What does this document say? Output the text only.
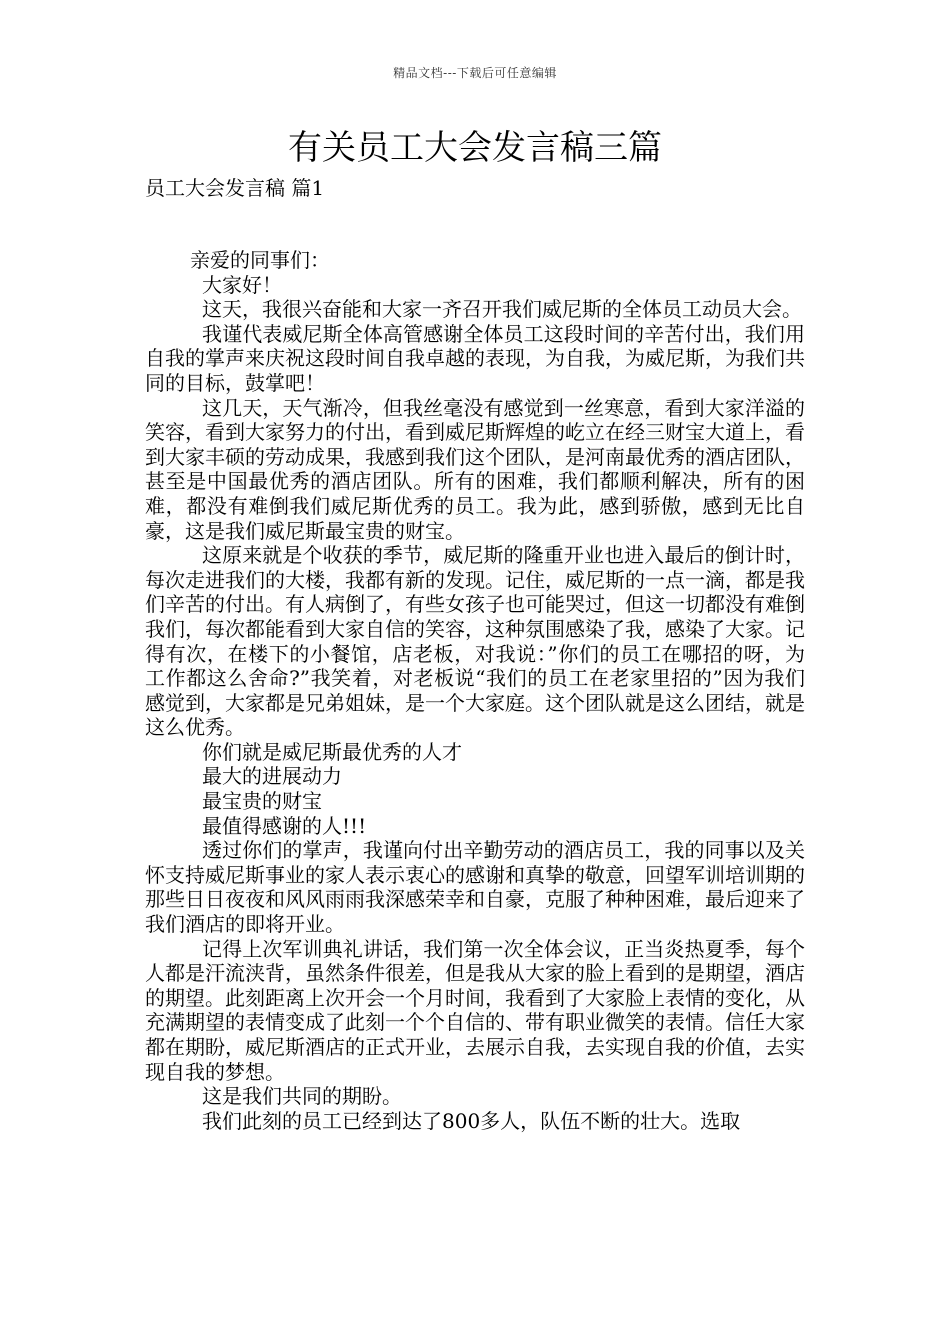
精品文档---下载后可任意编辑
有关员工大会发言稿三篇
员工大会发言稿 篇1

亲爱的同事们：

大家好！

这天，我很兴奋能和大家一齐召开我们威尼斯的全体员工动员大会。

我谨代表威尼斯全体高管感谢全体员工这段时间的辛苦付出，我们用自我的掌声来庆祝这段时间自我卓越的表现，为自我，为威尼斯，为我们共同的目标，鼓掌吧！

这几天，天气渐冷，但我丝毫没有感觉到一丝寒意，看到大家洋溢的笑容，看到大家努力的付出，看到威尼斯辉煌的屹立在经三财宝大道上，看到大家丰硕的劳动成果，我感到我们这个团队，是河南最优秀的酒店团队，甚至是中国最优秀的酒店团队。所有的困难，我们都顺利解决，所有的困难，都没有难倒我们威尼斯优秀的员工。我为此，感到骄傲，感到无比自豪，这是我们威尼斯最宝贵的财宝。

这原来就是个收获的季节，威尼斯的隆重开业也进入最后的倒计时，每次走进我们的大楼，我都有新的发现。记住，威尼斯的一点一滴，都是我们辛苦的付出。有人病倒了，有些女孩子也可能哭过，但这一切都没有难倒我们，每次都能看到大家自信的笑容，这种氛围感染了我，感染了大家。记得有次，在楼下的小餐馆，店老板，对我说：”你们的员工在哪招的呀，为工作都这么舍命?”我笑着，对老板说“我们的员工在老家里招的”因为我们感觉到，大家都是兄弟姐妹，是一个大家庭。这个团队就是这么团结，就是这么优秀。

你们就是威尼斯最优秀的人才

最大的进展动力

最宝贵的财宝

最值得感谢的人!!!

透过你们的掌声，我谨向付出辛勤劳动的酒店员工，我的同事以及关怀支持威尼斯事业的家人表示衷心的感谢和真挚的敬意，回望军训培训期的那些日日夜夜和风风雨雨我深感荣幸和自豪，克服了种种困难，最后迎来了我们酒店的即将开业。

记得上次军训典礼讲话，我们第一次全体会议，正当炎热夏季，每个人都是汗流浃背，虽然条件很差，但是我从大家的脸上看到的是期望，酒店的期望。此刻距离上次开会一个月时间，我看到了大家脸上表情的变化，从充满期望的表情变成了此刻一个个自信的、带有职业微笑的表情。信任大家都在期盼，威尼斯酒店的正式开业，去展示自我，去实现自我的价值，去实现自我的梦想。

这是我们共同的期盼。

我们此刻的员工已经到达了800多人，队伍不断的壮大。选取
